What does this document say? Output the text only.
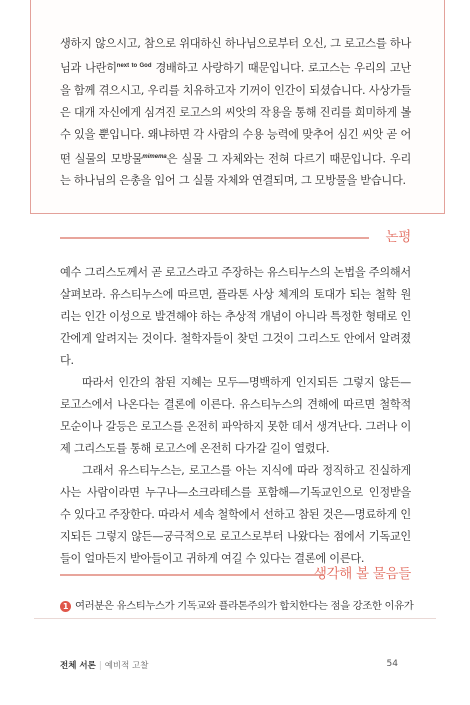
생하지 않으시고, 참으로 위대하신 하나님으로부터 오신, 그 로고스를 하나님과 나란히$^{next to God}$ 경배하고 사랑하기 때문입니다. 로고스는 우리의 고난을 함께 겪으시고, 우리를 치유하고자 기꺼이 인간이 되셨습니다. 사상가들은 대개 자신에게 심겨진 로고스의 씨앗의 작용을 통해 진리를 희미하게 볼 수 있을 뿐입니다. 왜냐하면 각 사람의 수용 능력에 맞추어 심긴 씨앗 곧 어떤 실물의 모방물$^{mimema}$은 실물 그 자체와는 전혀 다르기 때문입니다. 우리는 하나님의 은총을 입어 그 실물 자체와 연결되며, 그 모방물을 받습니다.

논평

예수 그리스도께서 곧 로고스라고 주장하는 유스티누스의 논법을 주의해서 살펴보라. 유스티누스에 따르면, 플라톤 사상 체계의 토대가 되는 철학 원리는 인간 이성으로 발견해야 하는 추상적 개념이 아니라 특정한 형태로 인간에게 알려지는 것이다. 철학자들이 찾던 그것이 그리스도 안에서 알려졌다.

따라서 인간의 참된 지혜는 모두—명백하게 인지되든 그렇지 않든—로고스에서 나온다는 결론에 이른다. 유스티누스의 견해에 따르면 철학적 모순이나 갈등은 로고스를 온전히 파악하지 못한 데서 생겨난다. 그러나 이제 그리스도를 통해 로고스에 온전히 다가갈 길이 열렸다.

그래서 유스티누스는, 로고스를 아는 지식에 따라 정직하고 진실하게 사는 사람이라면 누구나—소크라테스를 포함해—기독교인으로 인정받을 수 있다고 주장한다. 따라서 세속 철학에서 선하고 참된 것은—명료하게 인지되든 그렇지 않든—궁극적으로 로고스로부터 나왔다는 점에서 기독교인들이 얼마든지 받아들이고 귀하게 여길 수 있다는 결론에 이른다.

생각해 볼 물음들
1 여러분은 유스티누스가 기독교와 플라톤주의가 합치한다는 점을 강조한 이유가
전체 서론 | 예비적 고찰	54
